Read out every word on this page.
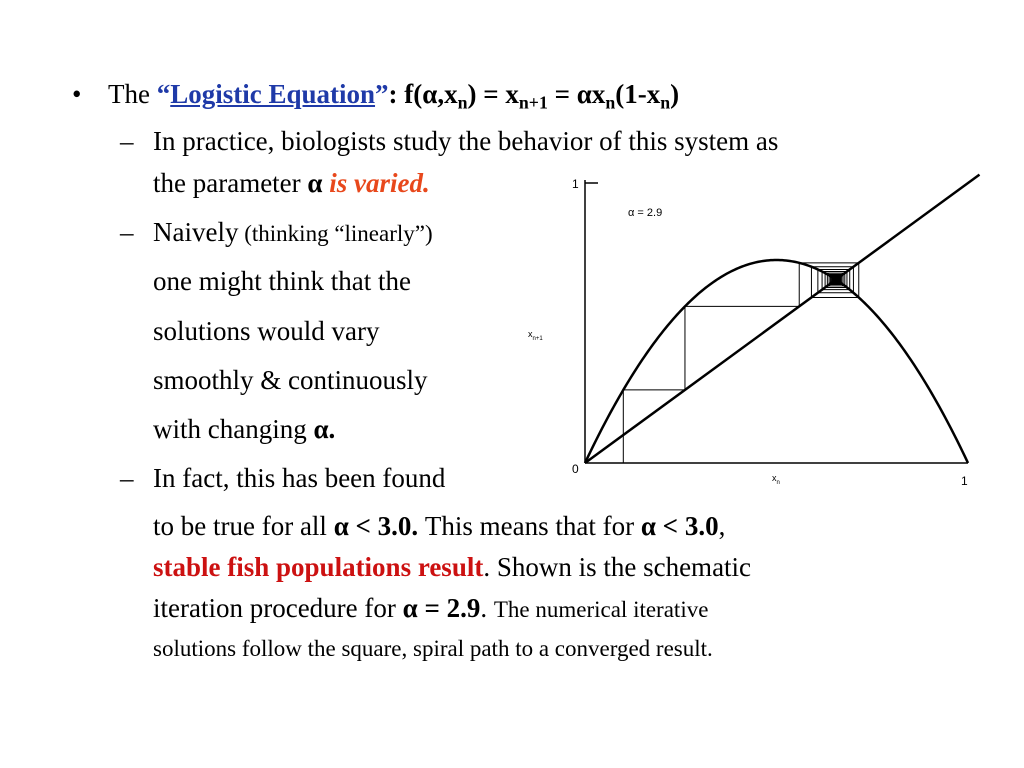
• The “Logistic Equation”: $f(\alpha,x_n) = x_{n+1} = \alpha x_n(1-x_n)$
– In practice, biologists study the behavior of this system as
the parameter α is varied.
– Naively (thinking “linearly”)
one might think that the
solutions would vary
smoothly & continuously
with changing α.
– In fact, this has been found
to be true for all α < 3.0. This means that for α < 3.0,
stable fish populations result. Shown is the schematic
iteration procedure for α = 2.9. The numerical iterative
solutions follow the square, spiral path to a converged result.
1
α = 2.9
$x_{n+1}$
0
$x_n$	1
